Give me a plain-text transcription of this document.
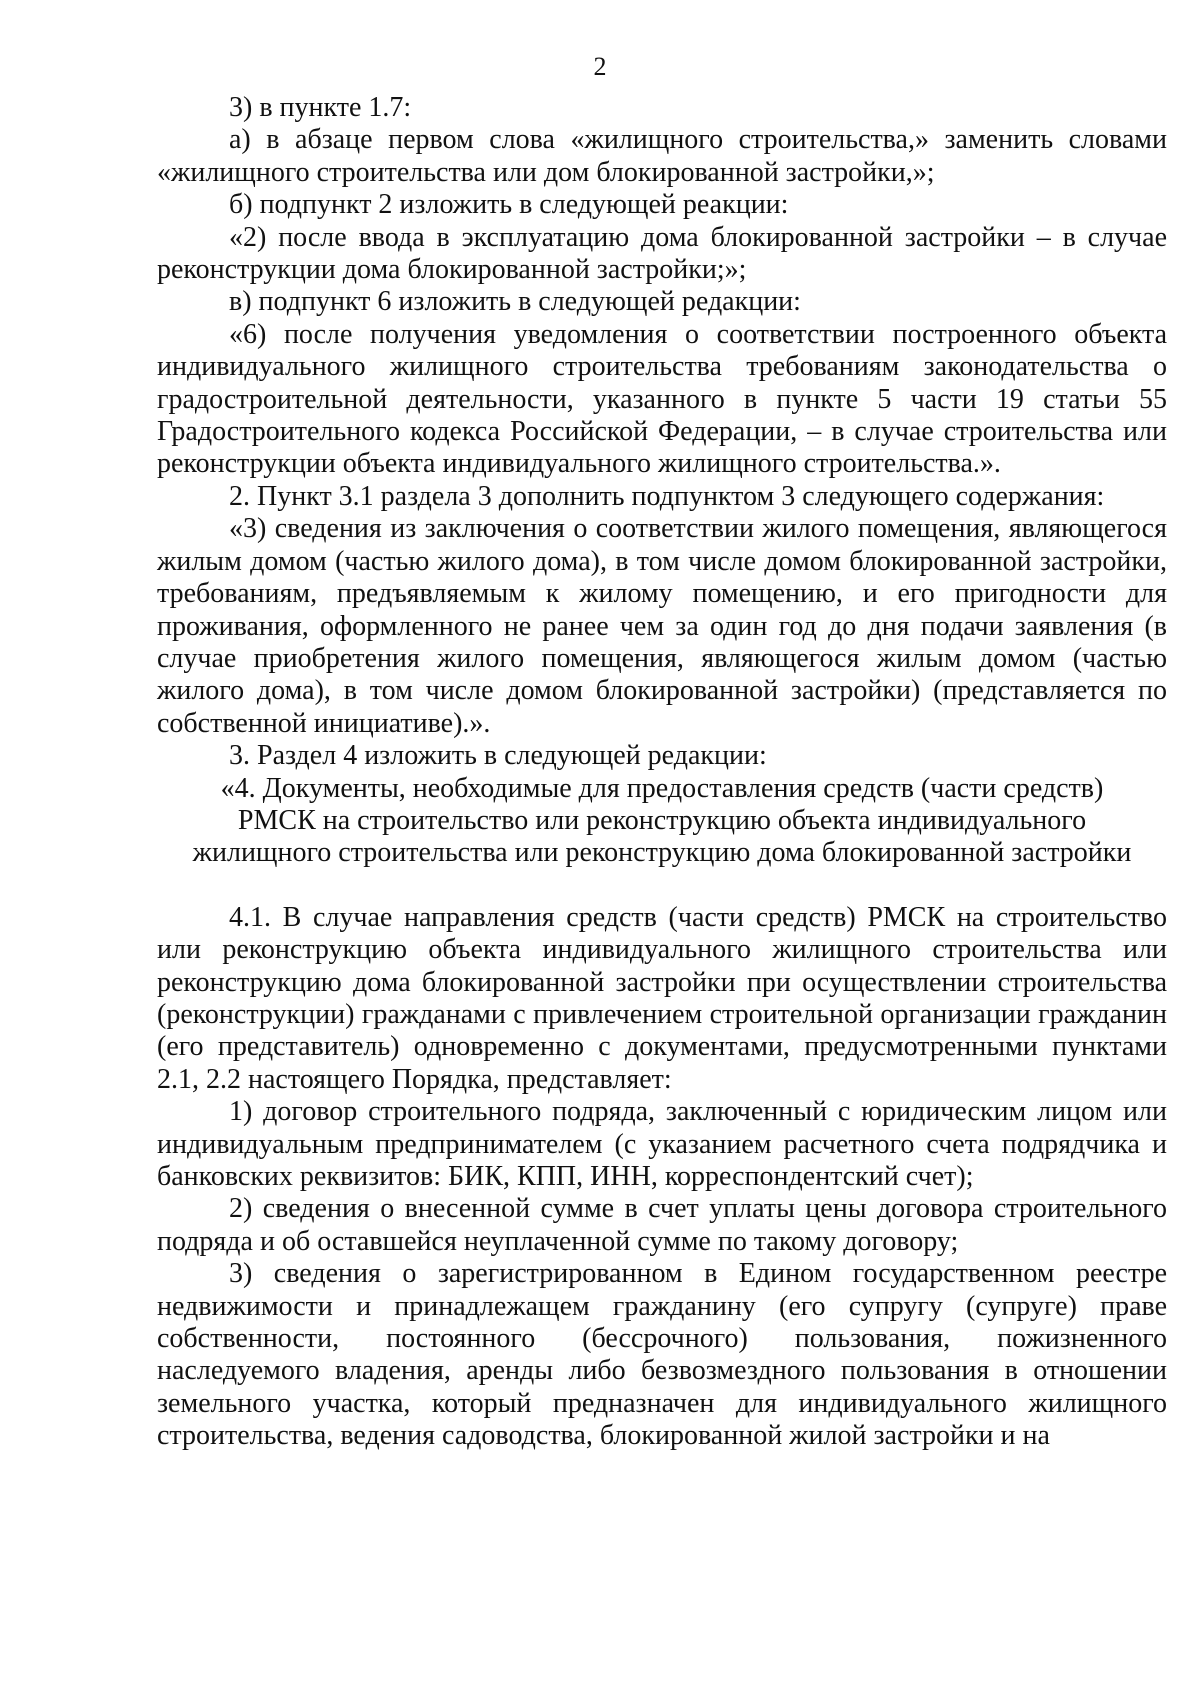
2

3) в пункте 1.7:

а) в абзаце первом слова «жилищного строительства,» заменить словами «жилищного строительства или дом блокированной застройки,»;

б) подпункт 2 изложить в следующей реакции:

«2) после ввода в эксплуатацию дома блокированной застройки – в случае реконструкции дома блокированной застройки;»;

в) подпункт 6 изложить в следующей редакции:

«6) после получения уведомления о соответствии построенного объекта индивидуального жилищного строительства требованиям законодательства о градостроительной деятельности, указанного в пункте 5 части 19 статьи 55 Градостроительного кодекса Российской Федерации, – в случае строительства или реконструкции объекта индивидуального жилищного строительства.».

2. Пункт 3.1 раздела 3 дополнить подпунктом 3 следующего содержания:

«3) сведения из заключения о соответствии жилого помещения, являющегося жилым домом (частью жилого дома), в том числе домом блокированной застройки, требованиям, предъявляемым к жилому помещению, и его пригодности для проживания, оформленного не ранее чем за один год до дня подачи заявления (в случае приобретения жилого помещения, являющегося жилым домом (частью жилого дома), в том числе домом блокированной застройки) (представляется по собственной инициативе).».

3. Раздел 4 изложить в следующей редакции:

«4. Документы, необходимые для предоставления средств (части средств)
РМСК на строительство или реконструкцию объекта индивидуального
жилищного строительства или реконструкцию дома блокированной застройки

4.1. В случае направления средств (части средств) РМСК на строительство или реконструкцию объекта индивидуального жилищного строительства или реконструкцию дома блокированной застройки при осуществлении строительства (реконструкции) гражданами с привлечением строительной организации гражданин (его представитель) одновременно с документами, предусмотренными пунктами 2.1, 2.2 настоящего Порядка, представляет:

1) договор строительного подряда, заключенный с юридическим лицом или индивидуальным предпринимателем (с указанием расчетного счета подрядчика и банковских реквизитов: БИК, КПП, ИНН, корреспондентский счет);

2) сведения о внесенной сумме в счет уплаты цены договора строительного подряда и об оставшейся неуплаченной сумме по такому договору;

3) сведения о зарегистрированном в Едином государственном реестре недвижимости и принадлежащем гражданину (его супругу (супруге) праве собственности, постоянного (бессрочного) пользования, пожизненного наследуемого владения, аренды либо безвозмездного пользования в отношении земельного участка, который предназначен для индивидуального жилищного строительства, ведения садоводства, блокированной жилой застройки и на
